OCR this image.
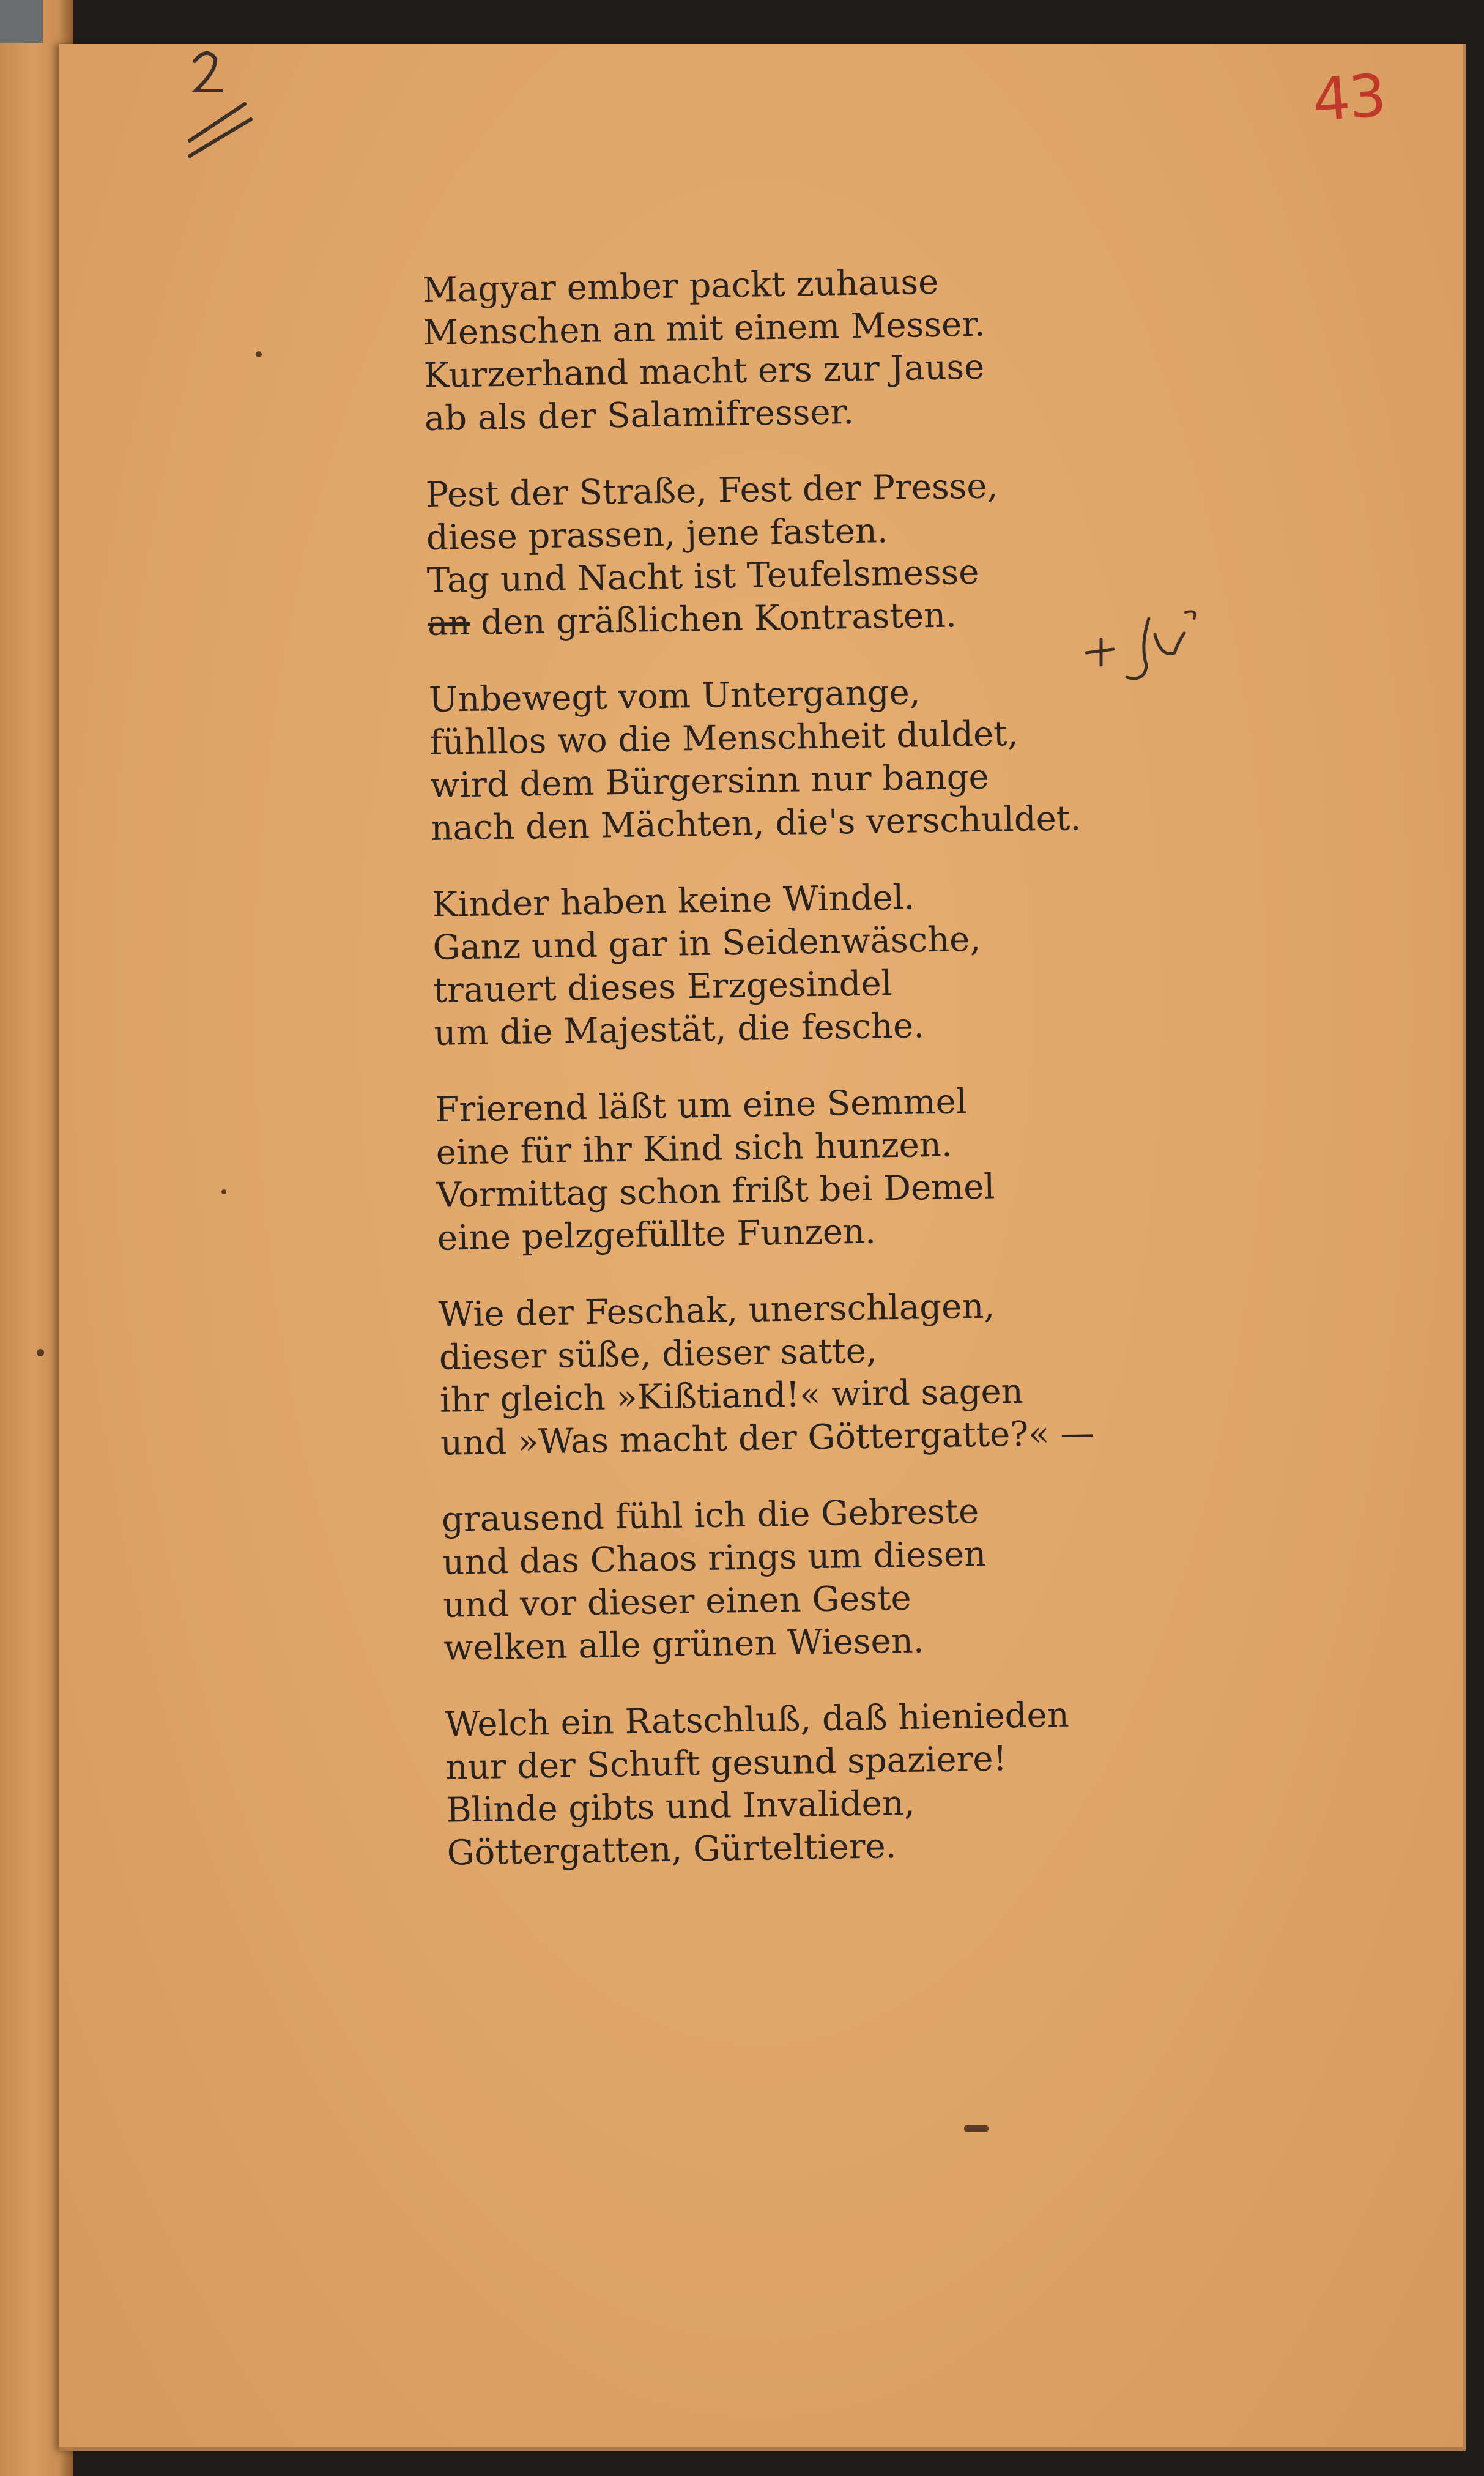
43
Magyar ember packt zuhause
Menschen an mit einem Messer.
Kurzerhand macht ers zur Jause
ab als der Salamifresser.
Pest der Straße, Fest der Presse,
diese prassen, jene fasten.
Tag und Nacht ist Teufelsmesse
an den gräßlichen Kontrasten.
Unbewegt vom Untergange,
fühllos wo die Menschheit duldet,
wird dem Bürgersinn nur bange
nach den Mächten, die's verschuldet.
Kinder haben keine Windel.
Ganz und gar in Seidenwäsche,
trauert dieses Erzgesindel
um die Majestät, die fesche.
Frierend läßt um eine Semmel
eine für ihr Kind sich hunzen.
Vormittag schon frißt bei Demel
eine pelzgefüllte Funzen.
Wie der Feschak, unerschlagen,
dieser süße, dieser satte,
ihr gleich »Kißtiand!« wird sagen
und »Was macht der Göttergatte?« —
grausend fühl ich die Gebreste
und das Chaos rings um diesen
und vor dieser einen Geste
welken alle grünen Wiesen.
Welch ein Ratschluß, daß hienieden
nur der Schuft gesund spaziere!
Blinde gibts und Invaliden,
Göttergatten, Gürteltiere.
